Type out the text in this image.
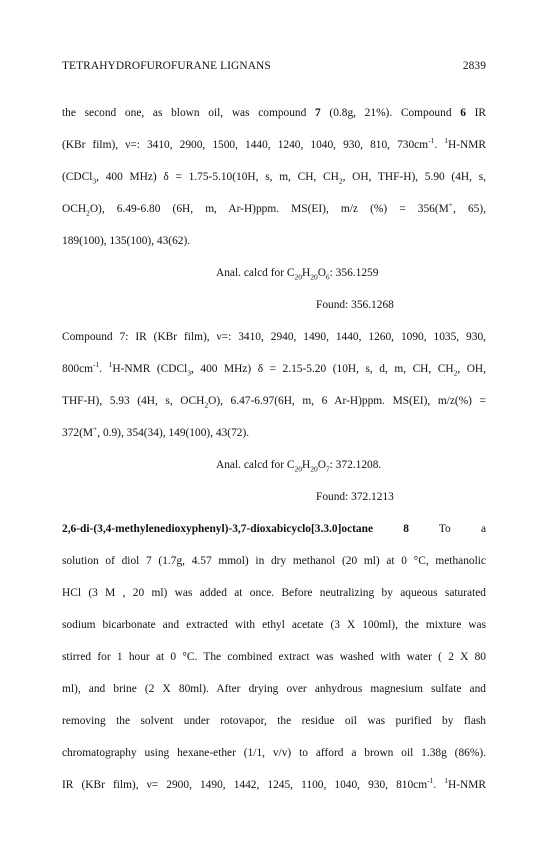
TETRAHYDROFUROFURANE LIGNANS	2839
the second one, as blown oil, was compound 7 (0.8g, 21%). Compound 6 IR
(KBr film), ν=: 3410, 2900, 1500, 1440, 1240, 1040, 930, 810, $730cm^{-1}$. $^1$H-NMR
(CDCl$_3$, 400 MHz) δ = 1.75-5.10(10H, s, m, CH, $CH_2$, OH, THF-H), 5.90 (4H, s,
$OCH_2O$), 6.49-6.80 (6H, m, Ar-H)ppm. MS(EI), m/z (%) = 356(M+, 65),
189(100), 135(100), 43(62).
Anal. calcd for $C_{20}H_{20}O_6$: 356.1259
Found: 356.1268
Compound 7: IR (KBr film), ν=: 3410, 2940, 1490, 1440, 1260, 1090, 1035, 930,
$800cm^{-1}$. $^1$H-NMR (CDCl$_3$, 400 MHz) δ = 2.15-5.20 (10H, s, d, m, CH, $CH_2$, OH,
THF-H), 5.93 (4H, s, $OCH_2O$), 6.47-6.97(6H, m, 6 Ar-H)ppm. MS(EI), m/z(%) =
372(M+, 0.9), 354(34), 149(100), 43(72).
Anal. calcd for $C_{20}H_{20}O_7$: 372.1208.
Found: 372.1213
2,6-di-(3,4-methylenedioxyphenyl)-3,7-dioxabicyclo[3.3.0]octane 8 To a
solution of diol 7 (1.7g, 4.57 mmol) in dry methanol (20 ml) at 0 °C, methanolic
HCl (3 M , 20 ml) was added at once. Before neutralizing by aqueous saturated
sodium bicarbonate and extracted with ethyl acetate (3 X 100ml), the mixture was
stirred for 1 hour at 0 °C. The combined extract was washed with water ( 2 X 80
ml), and brine (2 X 80ml). After drying over anhydrous magnesium sulfate and
removing the solvent under rotovapor, the residue oil was purified by flash
chromatography using hexane-ether (1/1, v/v) to afford a brown oil 1.38g (86%).
IR (KBr film), ν= 2900, 1490, 1442, 1245, 1100, 1040, 930, $810cm^{-1}$. $^1$H-NMR
